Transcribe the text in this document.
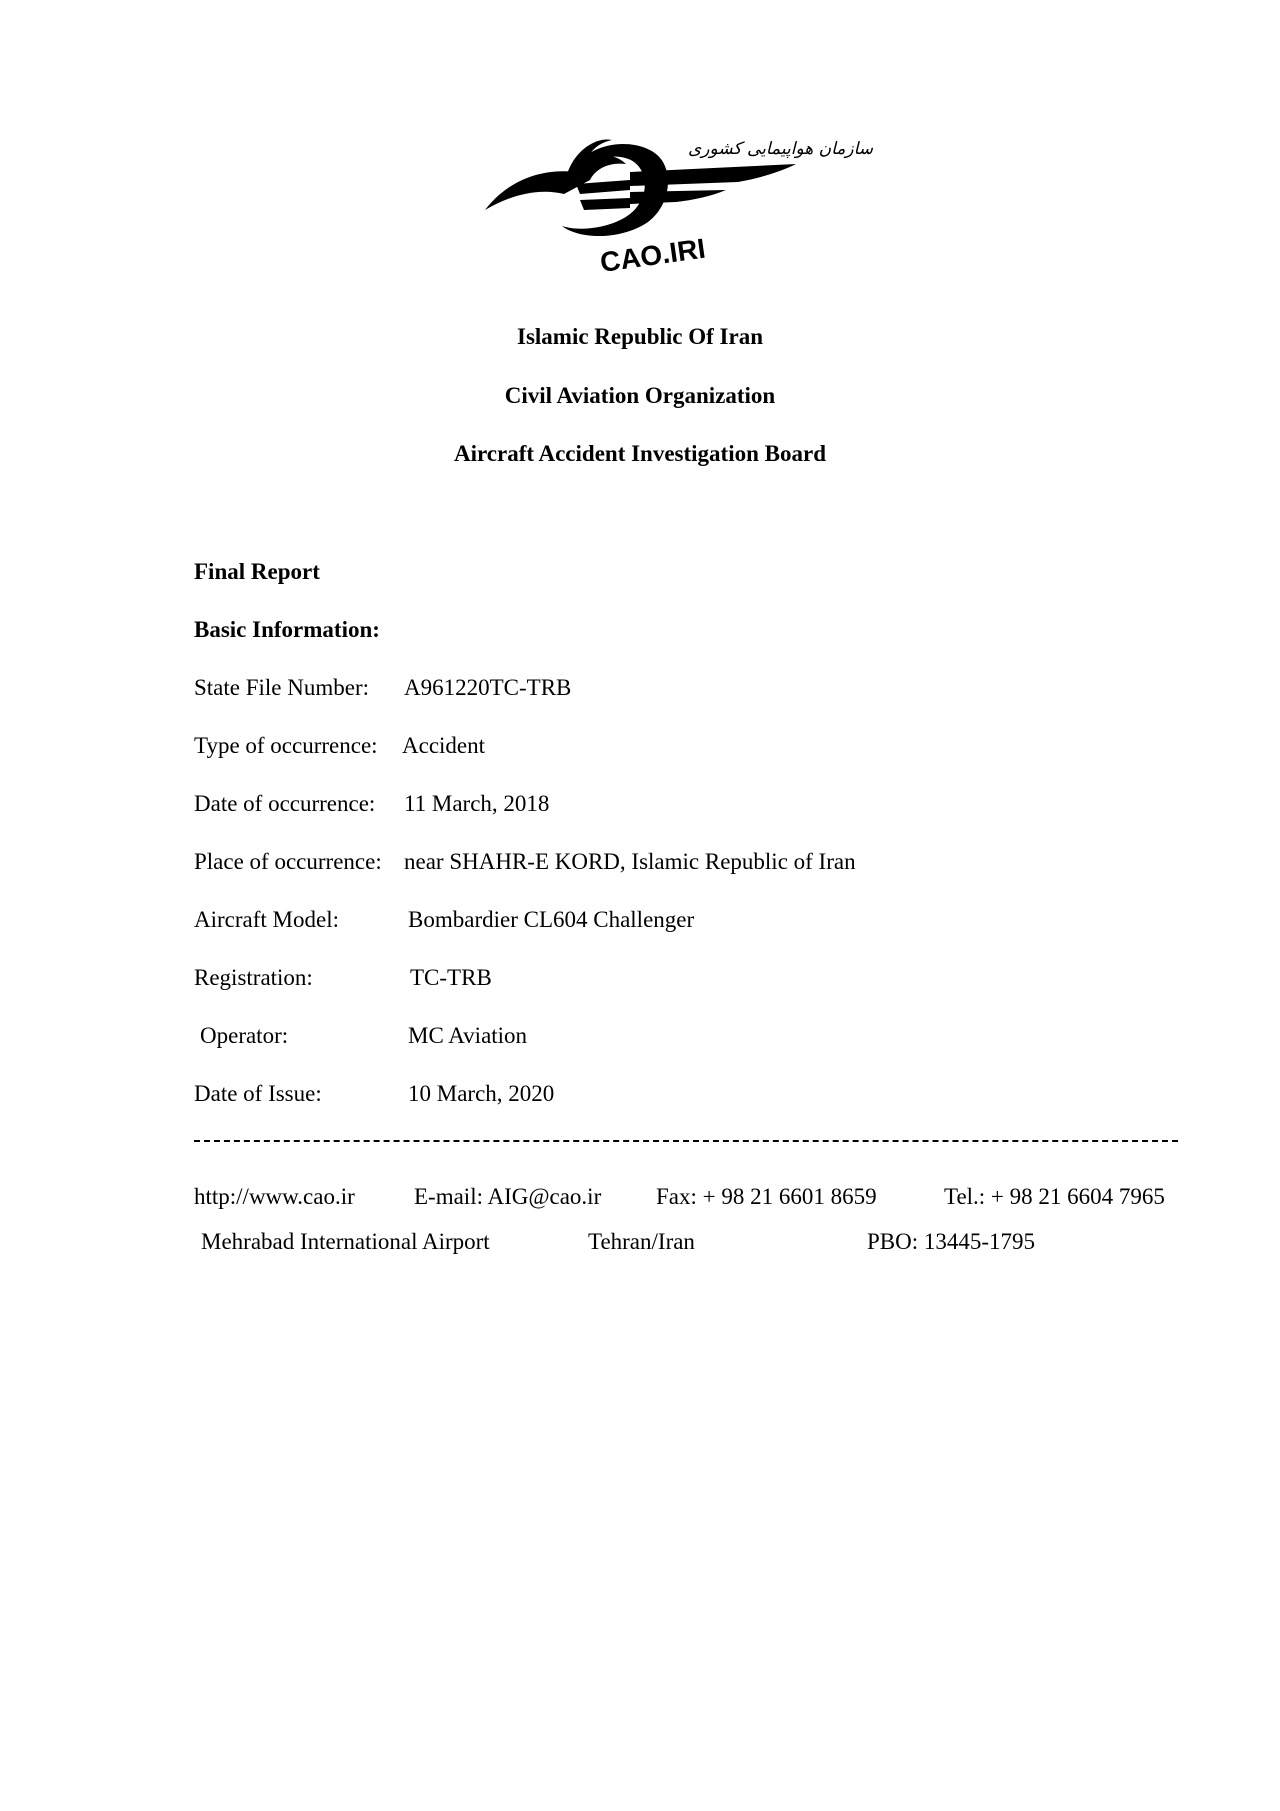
CAO.IRI
سازمان هواپیمایی کشوری
Islamic Republic Of Iran
Civil Aviation Organization
Aircraft Accident Investigation Board
Final Report
Basic Information:
State File Number: A961220TC-TRB
Type of occurrence: Accident
Date of occurrence: 11 March, 2018
Place of occurrence: near SHAHR-E KORD, Islamic Republic of Iran
Aircraft Model:	Bombardier CL604 Challenger
Registration:	TC-TRB
Operator:	MC Aviation
Date of Issue:	10 March, 2020
http://www.cao.ir	E-mail: AIG@cao.ir Fax: + 98 21 6601 8659	Tel.: + 98 21 6604 7965
Mehrabad International Airport	Tehran/Iran	PBO: 13445-1795
